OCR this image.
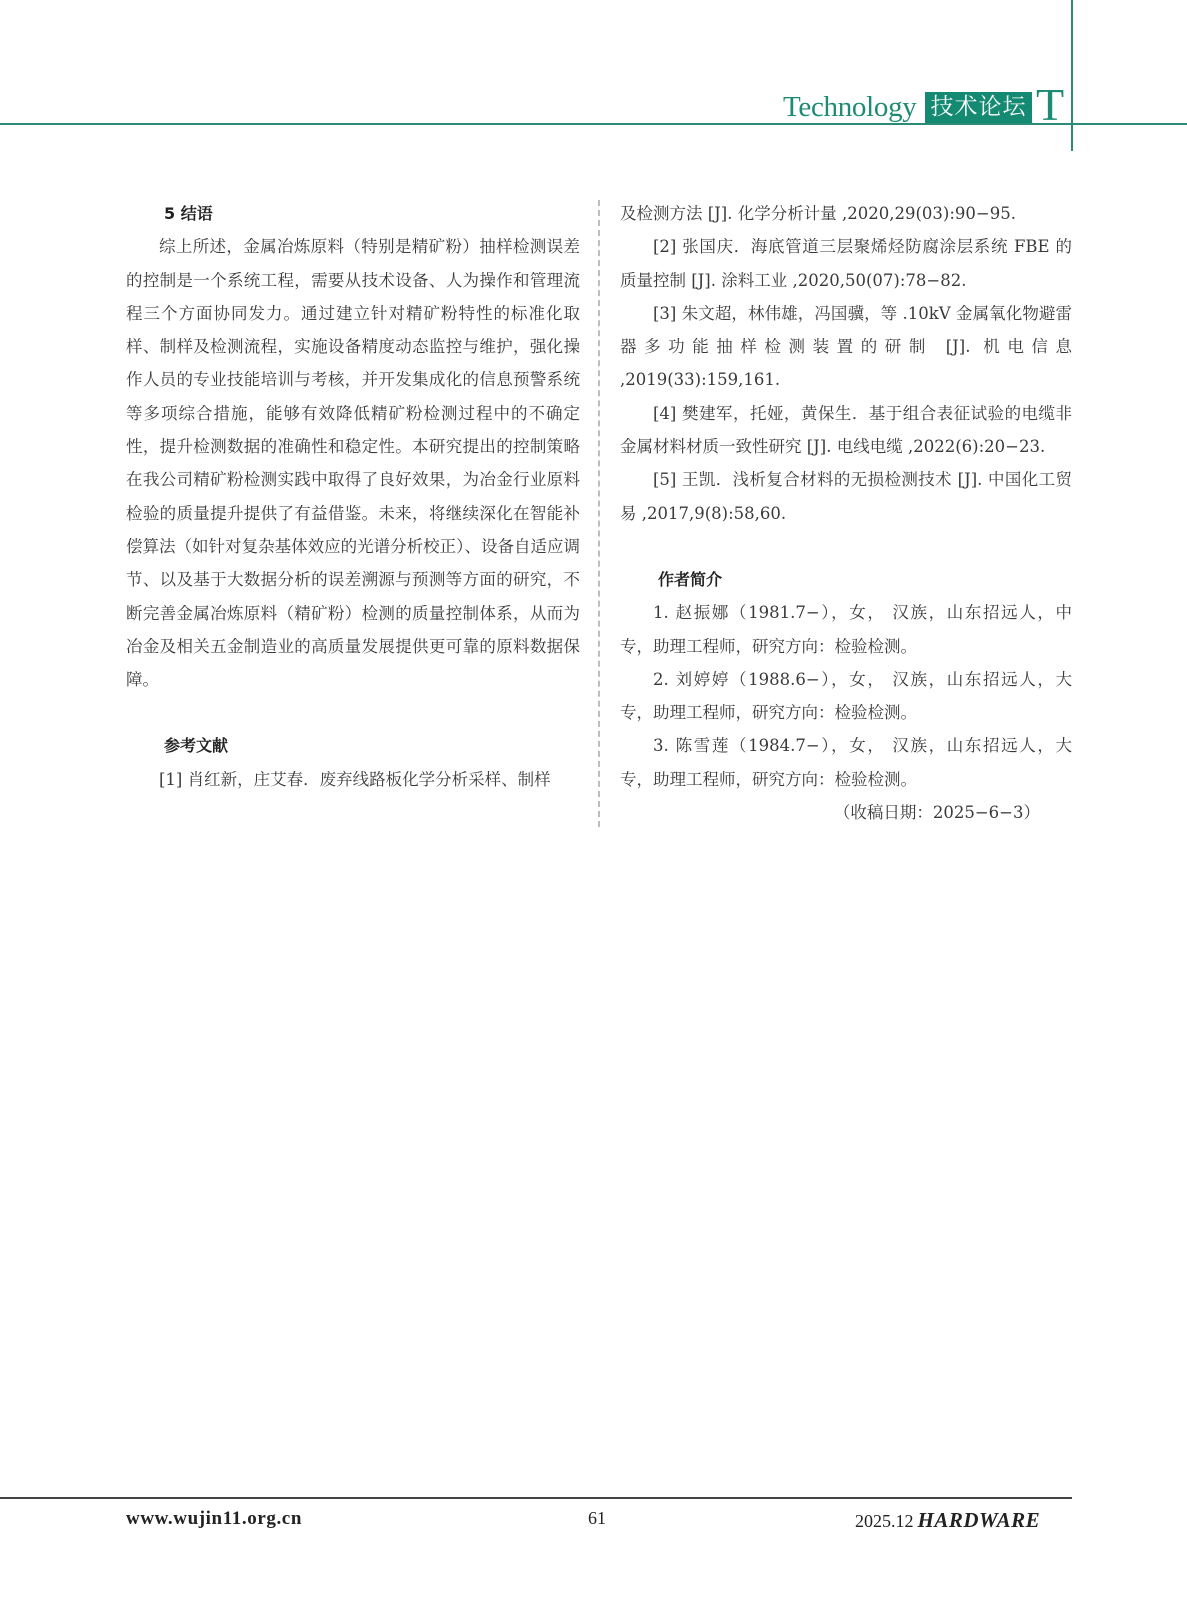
Technology 技术论坛 T

5 结语

综上所述，金属冶炼原料（特别是精矿粉）抽样检测误差的控制是一个系统工程，需要从技术设备、人为操作和管理流程三个方面协同发力。通过建立针对精矿粉特性的标准化取样、制样及检测流程，实施设备精度动态监控与维护，强化操作人员的专业技能培训与考核，并开发集成化的信息预警系统等多项综合措施，能够有效降低精矿粉检测过程中的不确定性，提升检测数据的准确性和稳定性。本研究提出的控制策略在我公司精矿粉检测实践中取得了良好效果，为冶金行业原料检验的质量提升提供了有益借鉴。未来，将继续深化在智能补偿算法（如针对复杂基体效应的光谱分析校正）、设备自适应调节、以及基于大数据分析的误差溯源与预测等方面的研究，不断完善金属冶炼原料（精矿粉）检测的质量控制体系，从而为冶金及相关五金制造业的高质量发展提供更可靠的原料数据保障。

参考文献

[1] 肖红新，庄艾春．废弃线路板化学分析采样、制样

及检测方法 [J]. 化学分析计量 ,2020,29(03):90−95.

[2] 张国庆．海底管道三层聚烯烃防腐涂层系统 FBE 的质量控制 [J]. 涂料工业 ,2020,50(07):78−82.

[3] 朱文超，林伟雄，冯国骥，等 .10kV 金属氧化物避雷器多功能抽样检测装置的研制 [J]. 机电信息 ,2019(33):159,161.

[4] 樊建军，托娅，黄保生．基于组合表征试验的电缆非金属材料材质一致性研究 [J]. 电线电缆 ,2022(6):20−23.

[5] 王凯．浅析复合材料的无损检测技术 [J]. 中国化工贸易 ,2017,9(8):58,60.

作者简介

1. 赵振娜（1981.7−），女， 汉族，山东招远人，中专，助理工程师，研究方向：检验检测。

2. 刘婷婷（1988.6−），女， 汉族，山东招远人，大专，助理工程师，研究方向：检验检测。

3. 陈雪莲（1984.7−），女， 汉族，山东招远人，大专，助理工程师，研究方向：检验检测。

（收稿日期：2025−6−3）

www.wujin11.org.cn	61	2025.12 HARDWARE
